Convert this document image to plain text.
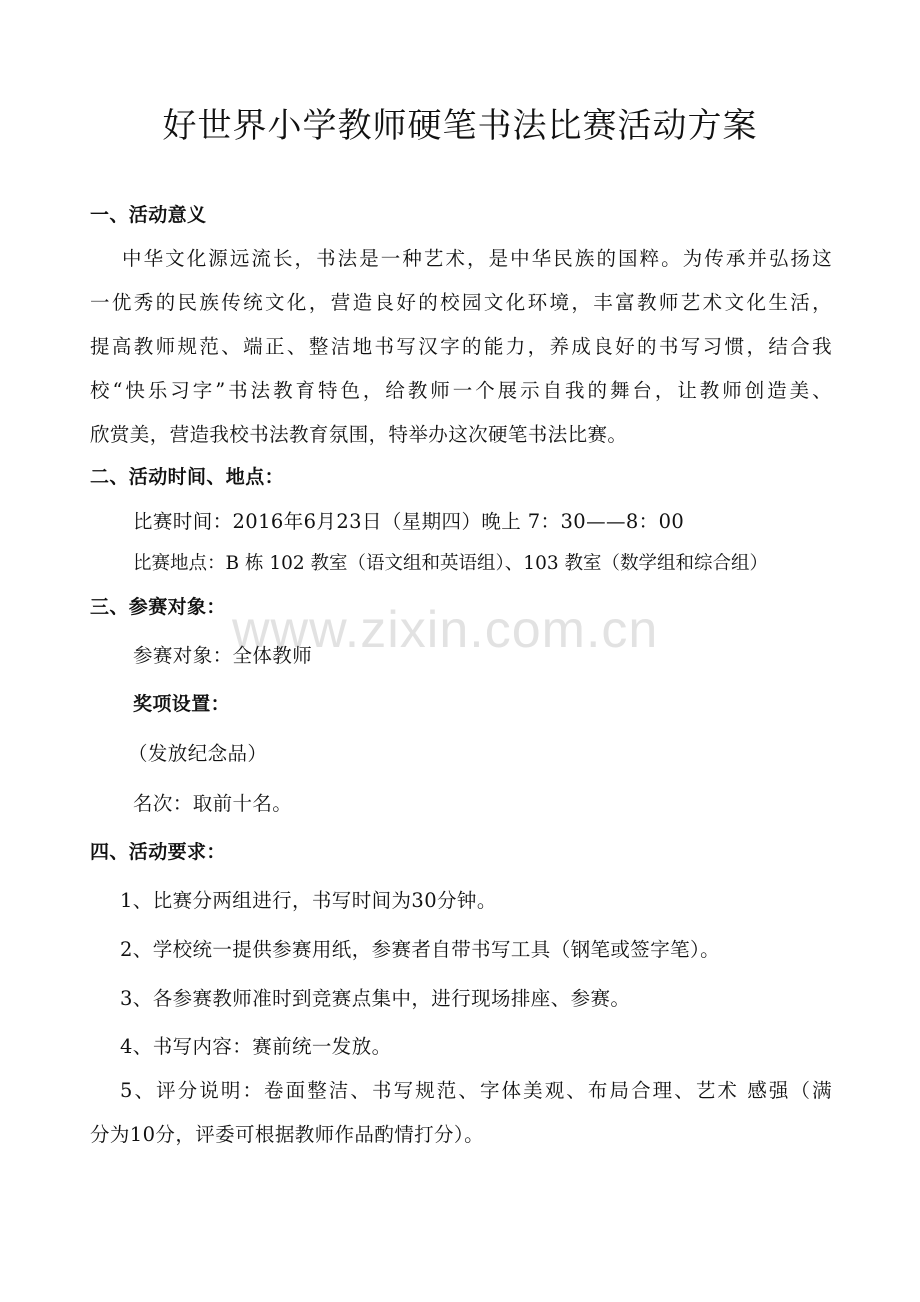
好世界小学教师硬笔书法比赛活动方案
一、活动意义
中华文化源远流长，书法是一种艺术，是中华民族的国粹。为传承并弘扬这
一优秀的民族传统文化，营造良好的校园文化环境，丰富教师艺术文化生活，
提高教师规范、端正、整洁地书写汉字的能力，养成良好的书写习惯，结合我
校“快乐习字”书法教育特色，给教师一个展示自我的舞台，让教师创造美、
欣赏美，营造我校书法教育氛围，特举办这次硬笔书法比赛。
二、活动时间、地点：
比赛时间：2016年6月23日（星期四）晚上 7：30——8：00
比赛地点：B 栋 102 教室（语文组和英语组）、103 教室（数学组和综合组）
三、参赛对象：
参赛对象：全体教师
奖项设置：
（发放纪念品）
名次：取前十名。
四、活动要求：
1、比赛分两组进行，书写时间为30分钟。
2、学校统一提供参赛用纸，参赛者自带书写工具（钢笔或签字笔）。
3、各参赛教师准时到竞赛点集中，进行现场排座、参赛。
4、书写内容：赛前统一发放。
5、评分说明：卷面整洁、书写规范、字体美观、布局合理、艺术 感强（满
分为10分，评委可根据教师作品酌情打分）。
www.zixin.com.cn
